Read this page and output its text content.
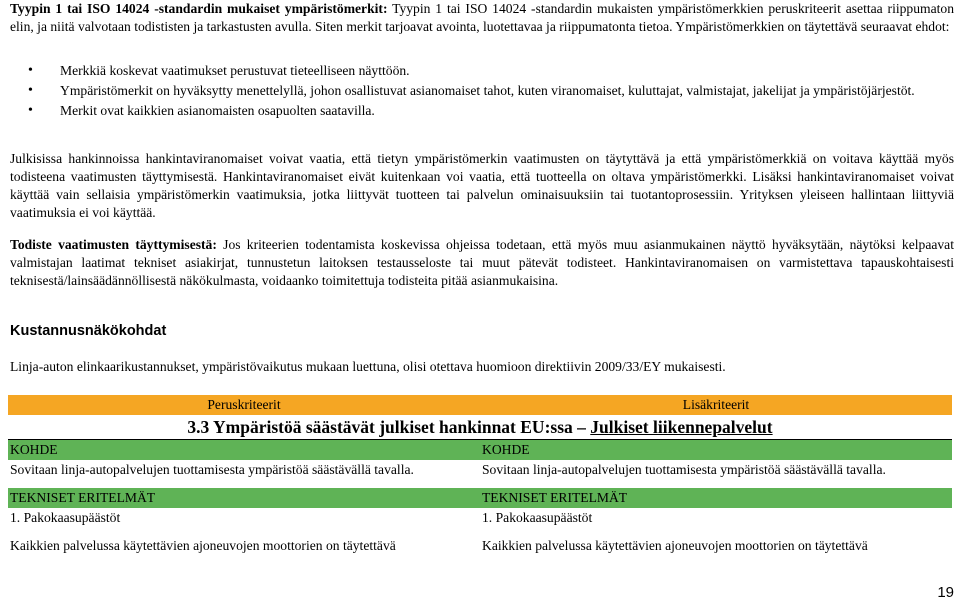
Tyypin 1 tai ISO 14024 -standardin mukaiset ympäristömerkit: Tyypin 1 tai ISO 14024 -standardin mukaisten ympäristömerkkien peruskriteerit asettaa riippumaton elin, ja niitä valvotaan todististen ja tarkastusten avulla. Siten merkit tarjoavat avointa, luotettavaa ja riippumatonta tietoa. Ympäristömerkkien on täytettävä seuraavat ehdot:
• Merkkiä koskevat vaatimukset perustuvat tieteelliseen näyttöön.
• Ympäristömerkit on hyväksytty menettelyllä, johon osallistuvat asianomaiset tahot, kuten viranomaiset, kuluttajat, valmistajat, jakelijat ja ympäristöjärjestöt.
• Merkit ovat kaikkien asianomaisten osapuolten saatavilla.
Julkisissa hankinnoissa hankintaviranomaiset voivat vaatia, että tietyn ympäristömerkin vaatimusten on täytyttävä ja että ympäristömerkkiä on voitava käyttää myös todisteena vaatimusten täyttymisestä. Hankintaviranomaiset eivät kuitenkaan voi vaatia, että tuotteella on oltava ympäristömerkki. Lisäksi hankintaviranomaiset voivat käyttää vain sellaisia ympäristömerkin vaatimuksia, jotka liittyvät tuotteen tai palvelun ominaisuuksiin tai tuotantoprosessiin. Yrityksen yleiseen hallintaan liittyviä vaatimuksia ei voi käyttää.
Todiste vaatimusten täyttymisestä: Jos kriteerien todentamista koskevissa ohjeissa todetaan, että myös muu asianmukainen näyttö hyväksytään, näytöksi kelpaavat valmistajan laatimat tekniset asiakirjat, tunnustetun laitoksen testausseloste tai muut pätevät todisteet. Hankintaviranomaisen on varmistettava tapauskohtaisesti teknisestä/lainsäädännöllisestä näkökulmasta, voidaanko toimitettuja todisteita pitää asianmukaisina.
Kustannusnäkökohdat
Linja-auton elinkaarikustannukset, ympäristövaikutus mukaan luettuna, olisi otettava huomioon direktiivin 2009/33/EY mukaisesti.
Peruskriteerit	Lisäkriteerit
3.3 Ympäristöä säästävät julkiset hankinnat EU:ssa – Julkiset liikennepalvelut	
KOHDE	KOHDE
Sovitaan linja-autopalvelujen tuottamisesta ympäristöä säästävällä tavalla.	Sovitaan linja-autopalvelujen tuottamisesta ympäristöä säästävällä tavalla.

TEKNISET ERITELMÄT	TEKNISET ERITELMÄT
1. Pakokaasupäästöt	1. Pakokaasupäästöt

Kaikkien palvelussa käytettävien ajoneuvojen moottorien on täytettävä	Kaikkien palvelussa käytettävien ajoneuvojen moottorien on täytettävä
19
